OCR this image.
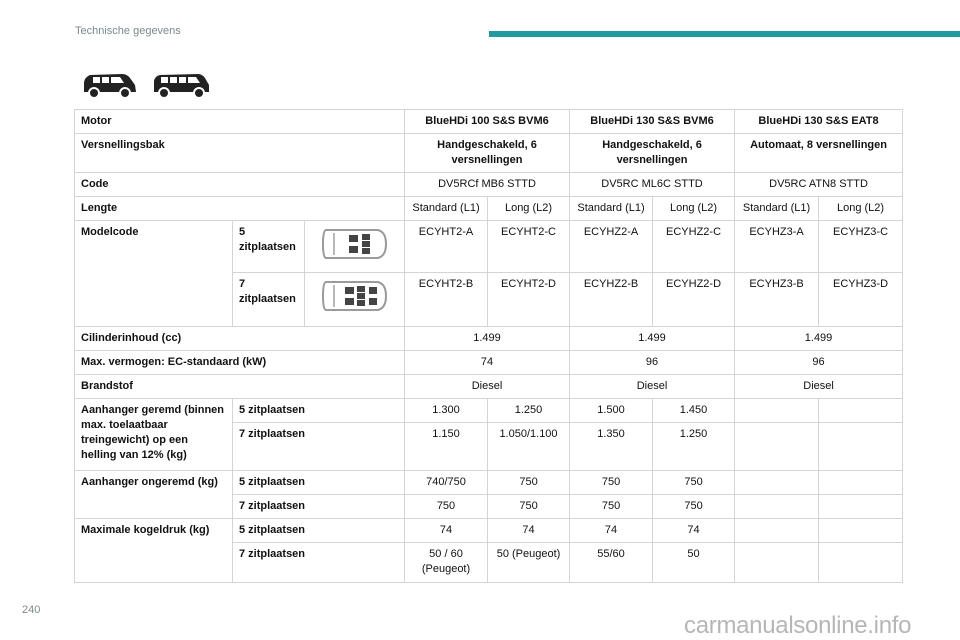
Technische gegevens
Motor			BlueHDi 100 S&S BVM6		BlueHDi 130 S&S BVM6		BlueHDi 130 S&S EAT8	
Versnellingsbak			Handgeschakeld, 6 versnellingen		Handgeschakeld, 6 versnellingen		Automaat, 8 versnellingen	
Code			DV5RCf MB6 STTD		DV5RC ML6C STTD		DV5RC ATN8 STTD	
Lengte			Standard (L1)	Long (L2)	Standard (L1)	Long (L2)	Standard (L1)	Long (L2)
Modelcode	5 zitplaatsen		ECYHT2-A	ECYHT2-C	ECYHZ2-A	ECYHZ2-C	ECYHZ3-A	ECYHZ3-C
	7 zitplaatsen		ECYHT2-B	ECYHT2-D	ECYHZ2-B	ECYHZ2-D	ECYHZ3-B	ECYHZ3-D
Cilinderinhoud (cc)			1.499		1.499		1.499	
Max. vermogen: EC-standaard (kW)			74		96		96	
Brandstof			Diesel		Diesel		Diesel	
Aanhanger geremd (binnen max. toelaatbaar treingewicht) op een helling van 12% (kg)	5 zitplaatsen		1.300	1.250	1.500	1.450		
	7 zitplaatsen		1.150	1.050/1.100	1.350	1.250		
Aanhanger ongeremd (kg)	5 zitplaatsen		740/750	750	750	750		
	7 zitplaatsen		750	750	750	750		
Maximale kogeldruk (kg)	5 zitplaatsen		74	74	74	74		
	7 zitplaatsen		50 / 60 (Peugeot)	50 (Peugeot)	55/60	50		
240
carmanualsonline.info
